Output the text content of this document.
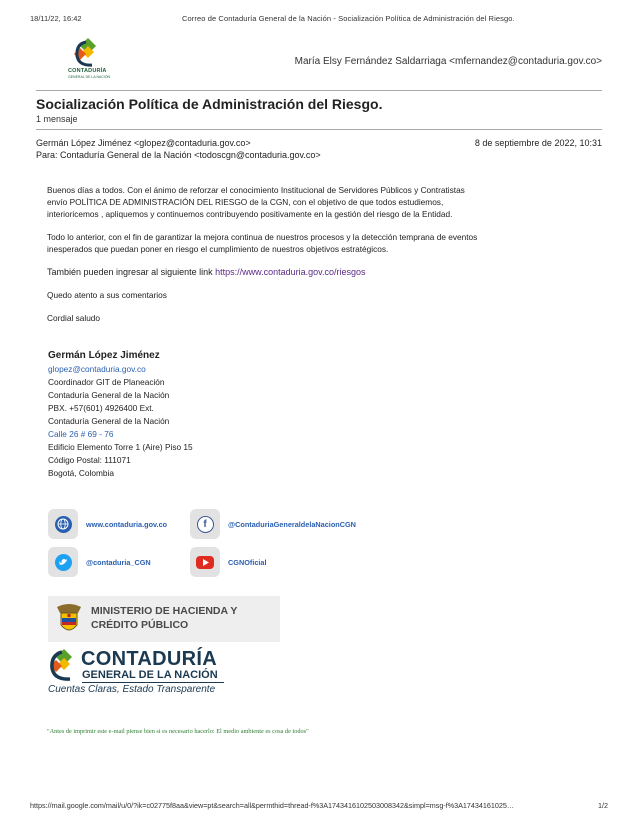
18/11/22, 16:42	Correo de Contaduría General de la Nación - Socialización Política de Administración del Riesgo.
CONTADURÍA
GENERAL DE LA NACIÓN
María Elsy Fernández Saldarriaga <mfernandez@contaduria.gov.co>
Socialización Política de Administración del Riesgo.
1 mensaje
Germán López Jiménez <glopez@contaduria.gov.co>	8 de septiembre de 2022, 10:31
Para: Contaduría General de la Nación <todoscgn@contaduria.gov.co>

Buenos días a todos. Con el ánimo de reforzar el conocimiento Institucional de Servidores Públicos y Contratistas
envío POLÍTICA DE ADMINISTRACIÓN DEL RIESGO de la CGN, con el objetivo de que todos estudiemos,
interioricemos , apliquemos y continuemos contribuyendo positivamente en la gestión del riesgo de la Entidad.

Todo lo anterior, con el fin de garantizar la mejora continua de nuestros procesos y la detección temprana de eventos
inesperados que puedan poner en riesgo el cumplimiento de nuestros objetivos estratégicos.

También pueden ingresar al siguiente link https://www.contaduria.gov.co/riesgos

Quedo atento a sus comentarios

Cordial saludo

Germán López Jiménez
glopez@contaduria.gov.co
Coordinador GIT de Planeación
Contaduría General de la Nación
PBX. +57(601) 4926400 Ext.
Contaduría General de la Nación
Calle 26 # 69 - 76
Edificio Elemento Torre 1 (Aire) Piso 15
Código Postal: 111071
Bogotá, Colombia
www.contaduria.gov.co	f	@ContaduriaGeneraldelaNacionCGN
@contaduria_CGN	CGNOficial
MINISTERIO DE HACIENDA Y
CRÉDITO PÚBLICO
CONTADURÍA
GENERAL DE LA NACIÓN
Cuentas Claras, Estado Transparente
"Antes de imprimir este e-mail piense bien si es necesario hacerlo: El medio ambiente es cosa de todos"
https://mail.google.com/mail/u/0/?ik=c02775f8aa&view=pt&search=all&permthid=thread-f%3A1743416102503008342&simpl=msg-f%3A17434161025…	1/2
